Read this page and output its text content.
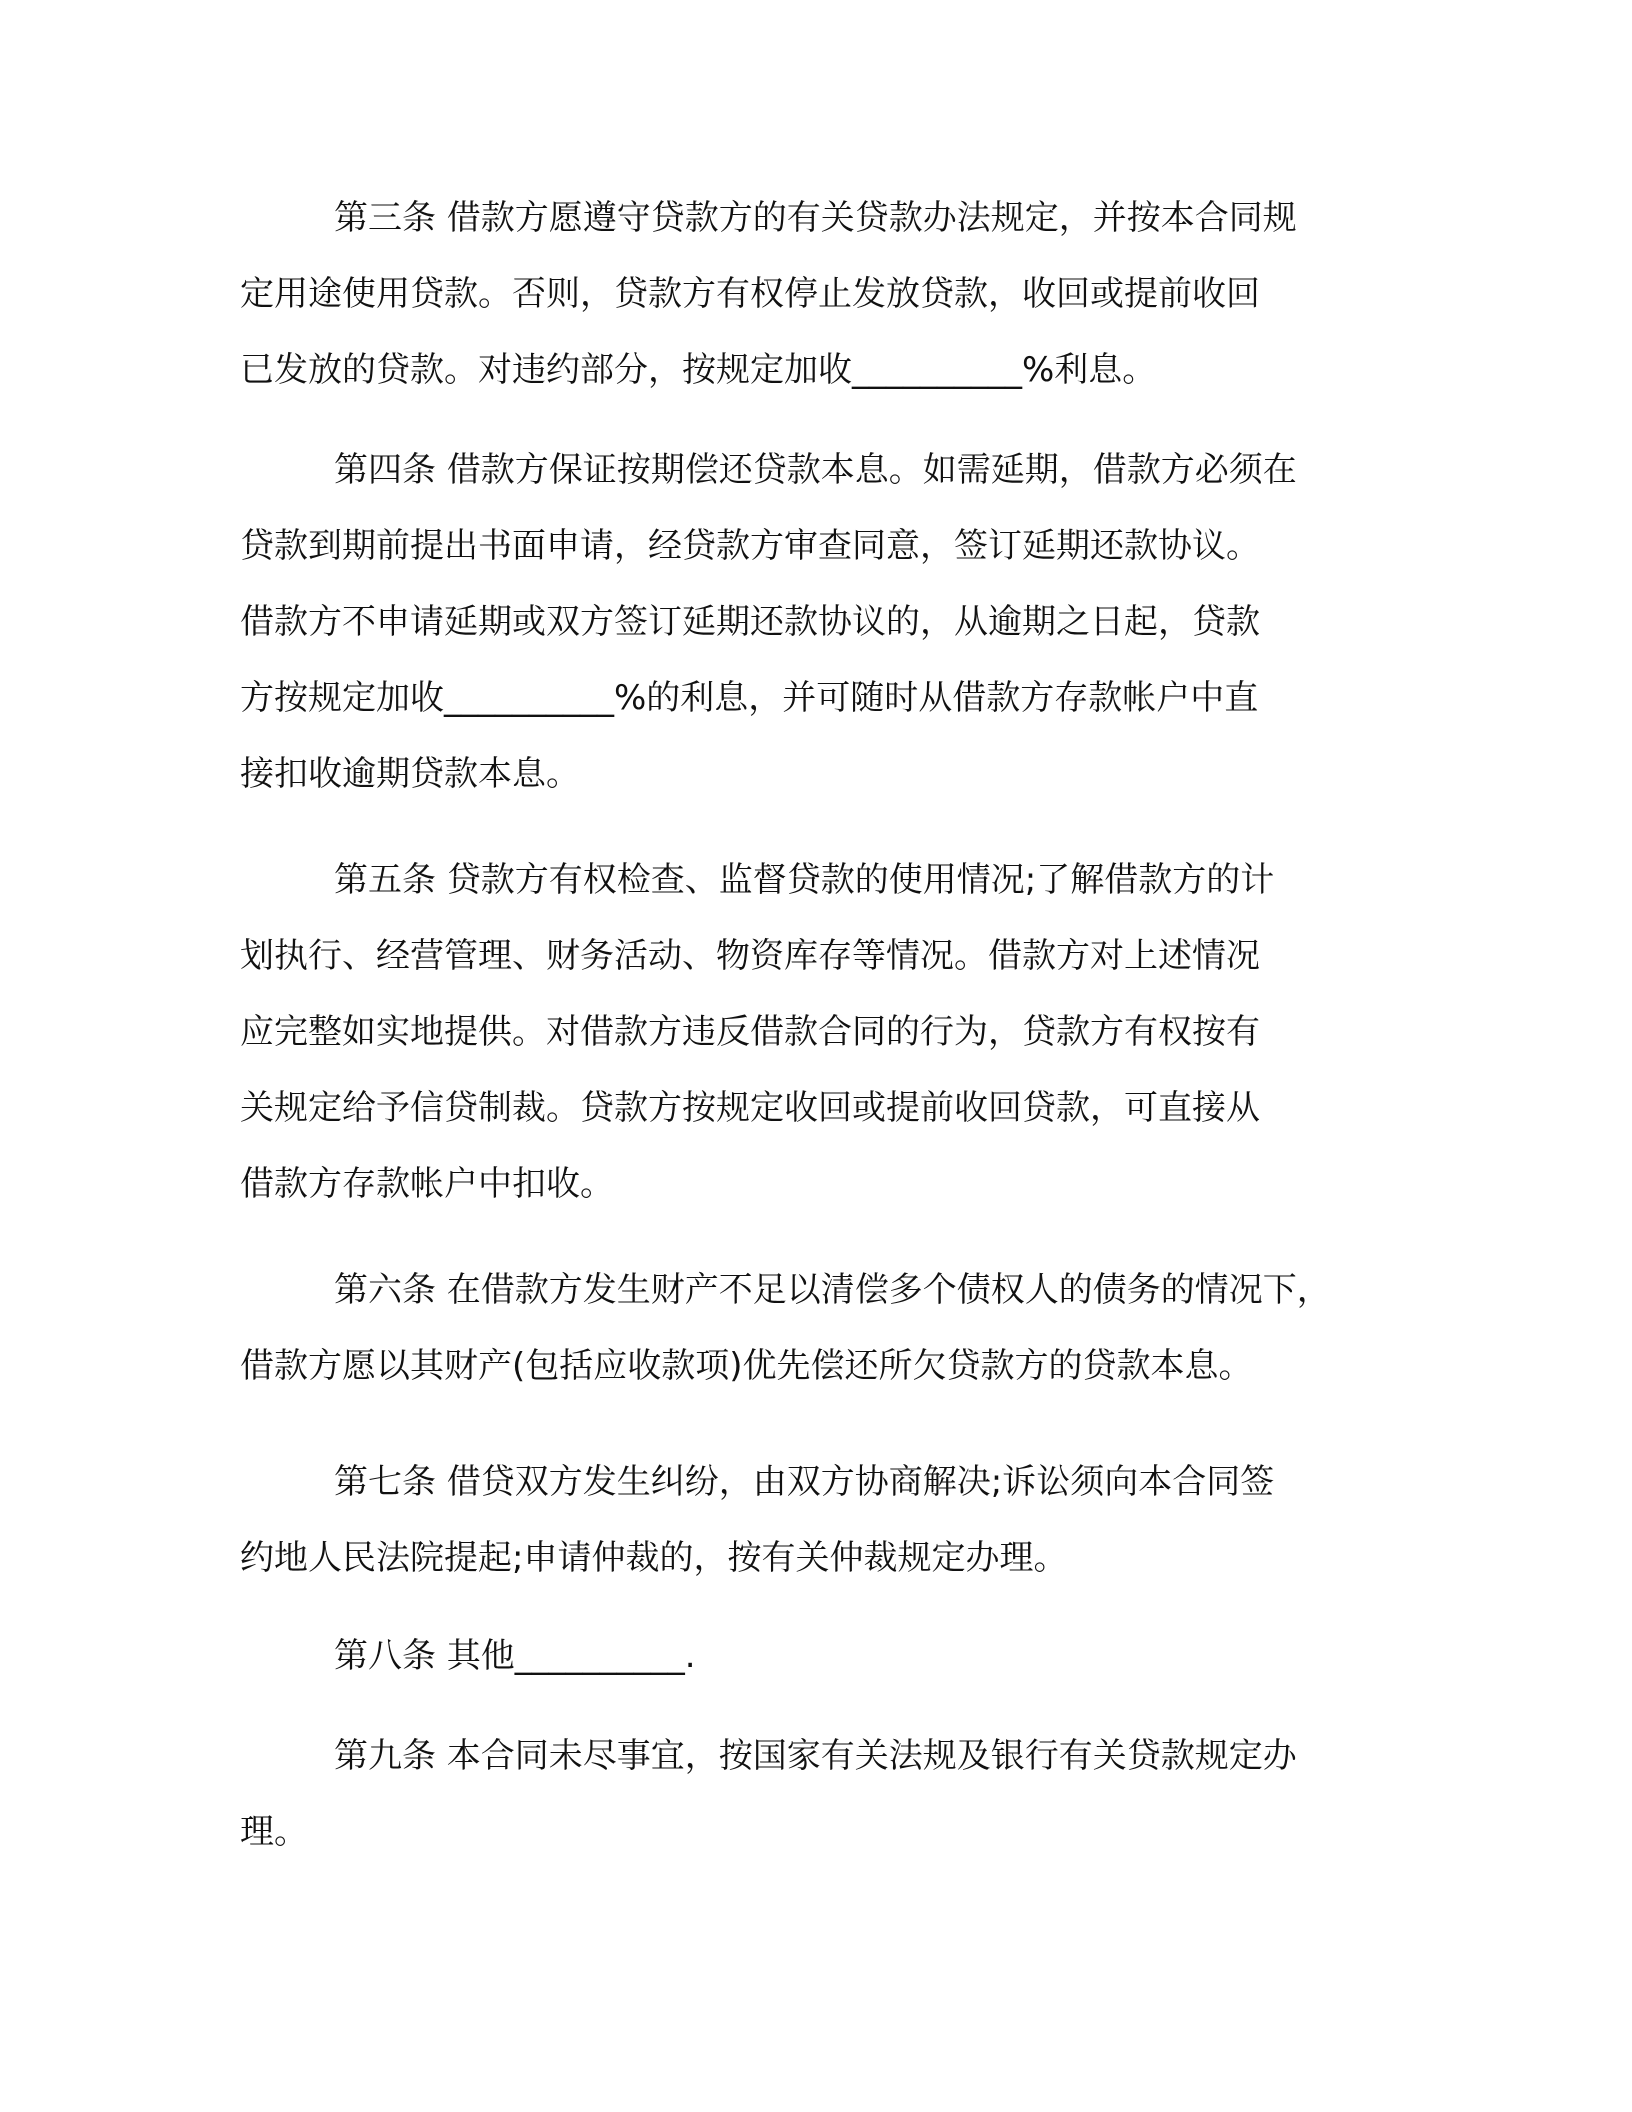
第三条 借款方愿遵守贷款方的有关贷款办法规定，并按本合同规
定用途使用贷款。否则，贷款方有权停止发放贷款，收回或提前收回
已发放的贷款。对违约部分，按规定加收__________%利息。
第四条 借款方保证按期偿还贷款本息。如需延期，借款方必须在
贷款到期前提出书面申请，经贷款方审查同意，签订延期还款协议。
借款方不申请延期或双方签订延期还款协议的，从逾期之日起，贷款
方按规定加收__________%的利息，并可随时从借款方存款帐户中直
接扣收逾期贷款本息。
第五条 贷款方有权检查、监督贷款的使用情况;了解借款方的计
划执行、经营管理、财务活动、物资库存等情况。借款方对上述情况
应完整如实地提供。对借款方违反借款合同的行为，贷款方有权按有
关规定给予信贷制裁。贷款方按规定收回或提前收回贷款，可直接从
借款方存款帐户中扣收。
第六条 在借款方发生财产不足以清偿多个债权人的债务的情况下，
借款方愿以其财产(包括应收款项)优先偿还所欠贷款方的贷款本息。
第七条 借贷双方发生纠纷，由双方协商解决;诉讼须向本合同签
约地人民法院提起;申请仲裁的，按有关仲裁规定办理。
第八条 其他__________.
第九条 本合同未尽事宜，按国家有关法规及银行有关贷款规定办
理。
